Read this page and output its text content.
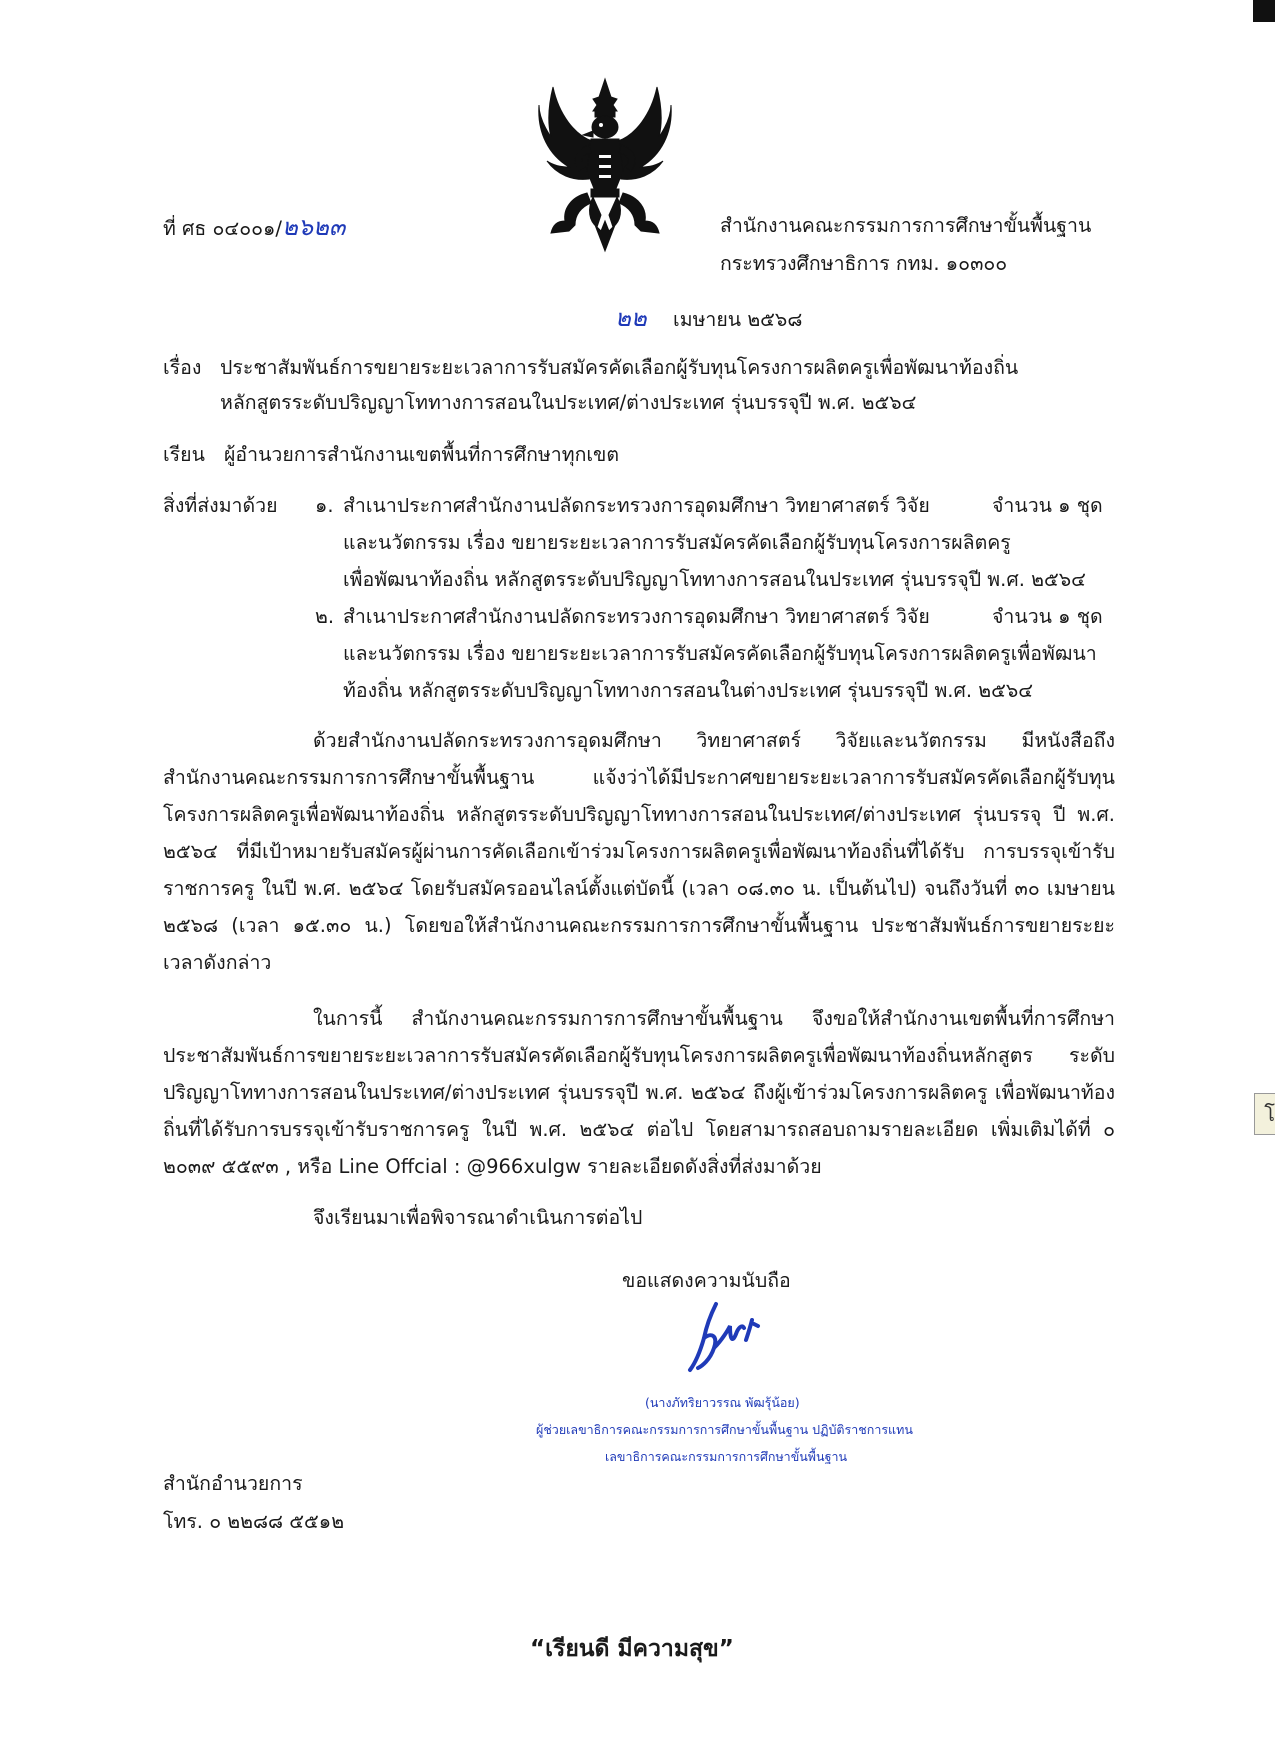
โ
ที่ ศธ ๐๔๐๐๑/๒๖๒๓	สำนักงานคณะกรรมการการศึกษาขั้นพื้นฐาน
กระทรวงศึกษาธิการ กทม. ๑๐๓๐๐
๒๒ เมษายน ๒๕๖๘
เรื่อง ประชาสัมพันธ์การขยายระยะเวลาการรับสมัครคัดเลือกผู้รับทุนโครงการผลิตครูเพื่อพัฒนาท้องถิ่น
หลักสูตรระดับปริญญาโททางการสอนในประเทศ/ต่างประเทศ รุ่นบรรจุปี พ.ศ. ๒๕๖๔
เรียน ผู้อำนวยการสำนักงานเขตพื้นที่การศึกษาทุกเขต
สิ่งที่ส่งมาด้วย ๑. สำเนาประกาศสำนักงานปลัดกระทรวงการอุดมศึกษา วิทยาศาสตร์ วิจัย	จำนวน ๑ ชุด
และนวัตกรรม เรื่อง ขยายระยะเวลาการรับสมัครคัดเลือกผู้รับทุนโครงการผลิตครู
เพื่อพัฒนาท้องถิ่น หลักสูตรระดับปริญญาโททางการสอนในประเทศ รุ่นบรรจุปี พ.ศ. ๒๕๖๔
๒. สำเนาประกาศสำนักงานปลัดกระทรวงการอุดมศึกษา วิทยาศาสตร์ วิจัย	จำนวน ๑ ชุด
และนวัตกรรม เรื่อง ขยายระยะเวลาการรับสมัครคัดเลือกผู้รับทุนโครงการผลิตครูเพื่อพัฒนา
ท้องถิ่น หลักสูตรระดับปริญญาโททางการสอนในต่างประเทศ รุ่นบรรจุปี พ.ศ. ๒๕๖๔
ด้วยสำนักงานปลัดกระทรวงการอุดมศึกษา วิทยาศาสตร์ วิจัยและนวัตกรรม มีหนังสือถึง สำนักงานคณะกรรมการการศึกษาขั้นพื้นฐาน แจ้งว่าได้มีประกาศขยายระยะเวลาการรับสมัครคัดเลือกผู้รับทุน โครงการผลิตครูเพื่อพัฒนาท้องถิ่น หลักสูตรระดับปริญญาโททางการสอนในประเทศ/ต่างประเทศ รุ่นบรรจุ ปี พ.ศ. ๒๕๖๔ ที่มีเป้าหมายรับสมัครผู้ผ่านการคัดเลือกเข้าร่วมโครงการผลิตครูเพื่อพัฒนาท้องถิ่นที่ได้รับ การบรรจุเข้ารับราชการครู ในปี พ.ศ. ๒๕๖๔ โดยรับสมัครออนไลน์ตั้งแต่บัดนี้ (เวลา ๐๘.๓๐ น. เป็นต้นไป) จนถึงวันที่ ๓๐ เมษายน ๒๕๖๘ (เวลา ๑๕.๓๐ น.) โดยขอให้สำนักงานคณะกรรมการการศึกษาขั้นพื้นฐาน ประชาสัมพันธ์การขยายระยะเวลาดังกล่าว
ในการนี้ สำนักงานคณะกรรมการการศึกษาขั้นพื้นฐาน จึงขอให้สำนักงานเขตพื้นที่การศึกษา ประชาสัมพันธ์การขยายระยะเวลาการรับสมัครคัดเลือกผู้รับทุนโครงการผลิตครูเพื่อพัฒนาท้องถิ่นหลักสูตร ระดับปริญญาโททางการสอนในประเทศ/ต่างประเทศ รุ่นบรรจุปี พ.ศ. ๒๕๖๔ ถึงผู้เข้าร่วมโครงการผลิตครู เพื่อพัฒนาท้องถิ่นที่ได้รับการบรรจุเข้ารับราชการครู ในปี พ.ศ. ๒๕๖๔ ต่อไป โดยสามารถสอบถามรายละเอียด เพิ่มเติมได้ที่ ๐ ๒๐๓๙ ๕๕๙๓ , หรือ Line Offcial : @966xulgw รายละเอียดดังสิ่งที่ส่งมาด้วย
จึงเรียนมาเพื่อพิจารณาดำเนินการต่อไป
ขอแสดงความนับถือ
(นางภัทริยาวรรณ พัฒรุ้น้อย)
ผู้ช่วยเลขาธิการคณะกรรมการการศึกษาขั้นพื้นฐาน ปฏิบัติราชการแทน
เลขาธิการคณะกรรมการการศึกษาขั้นพื้นฐาน
สำนักอำนวยการ
โทร. ๐ ๒๒๘๘ ๕๕๑๒
“เรียนดี มีความสุข”
